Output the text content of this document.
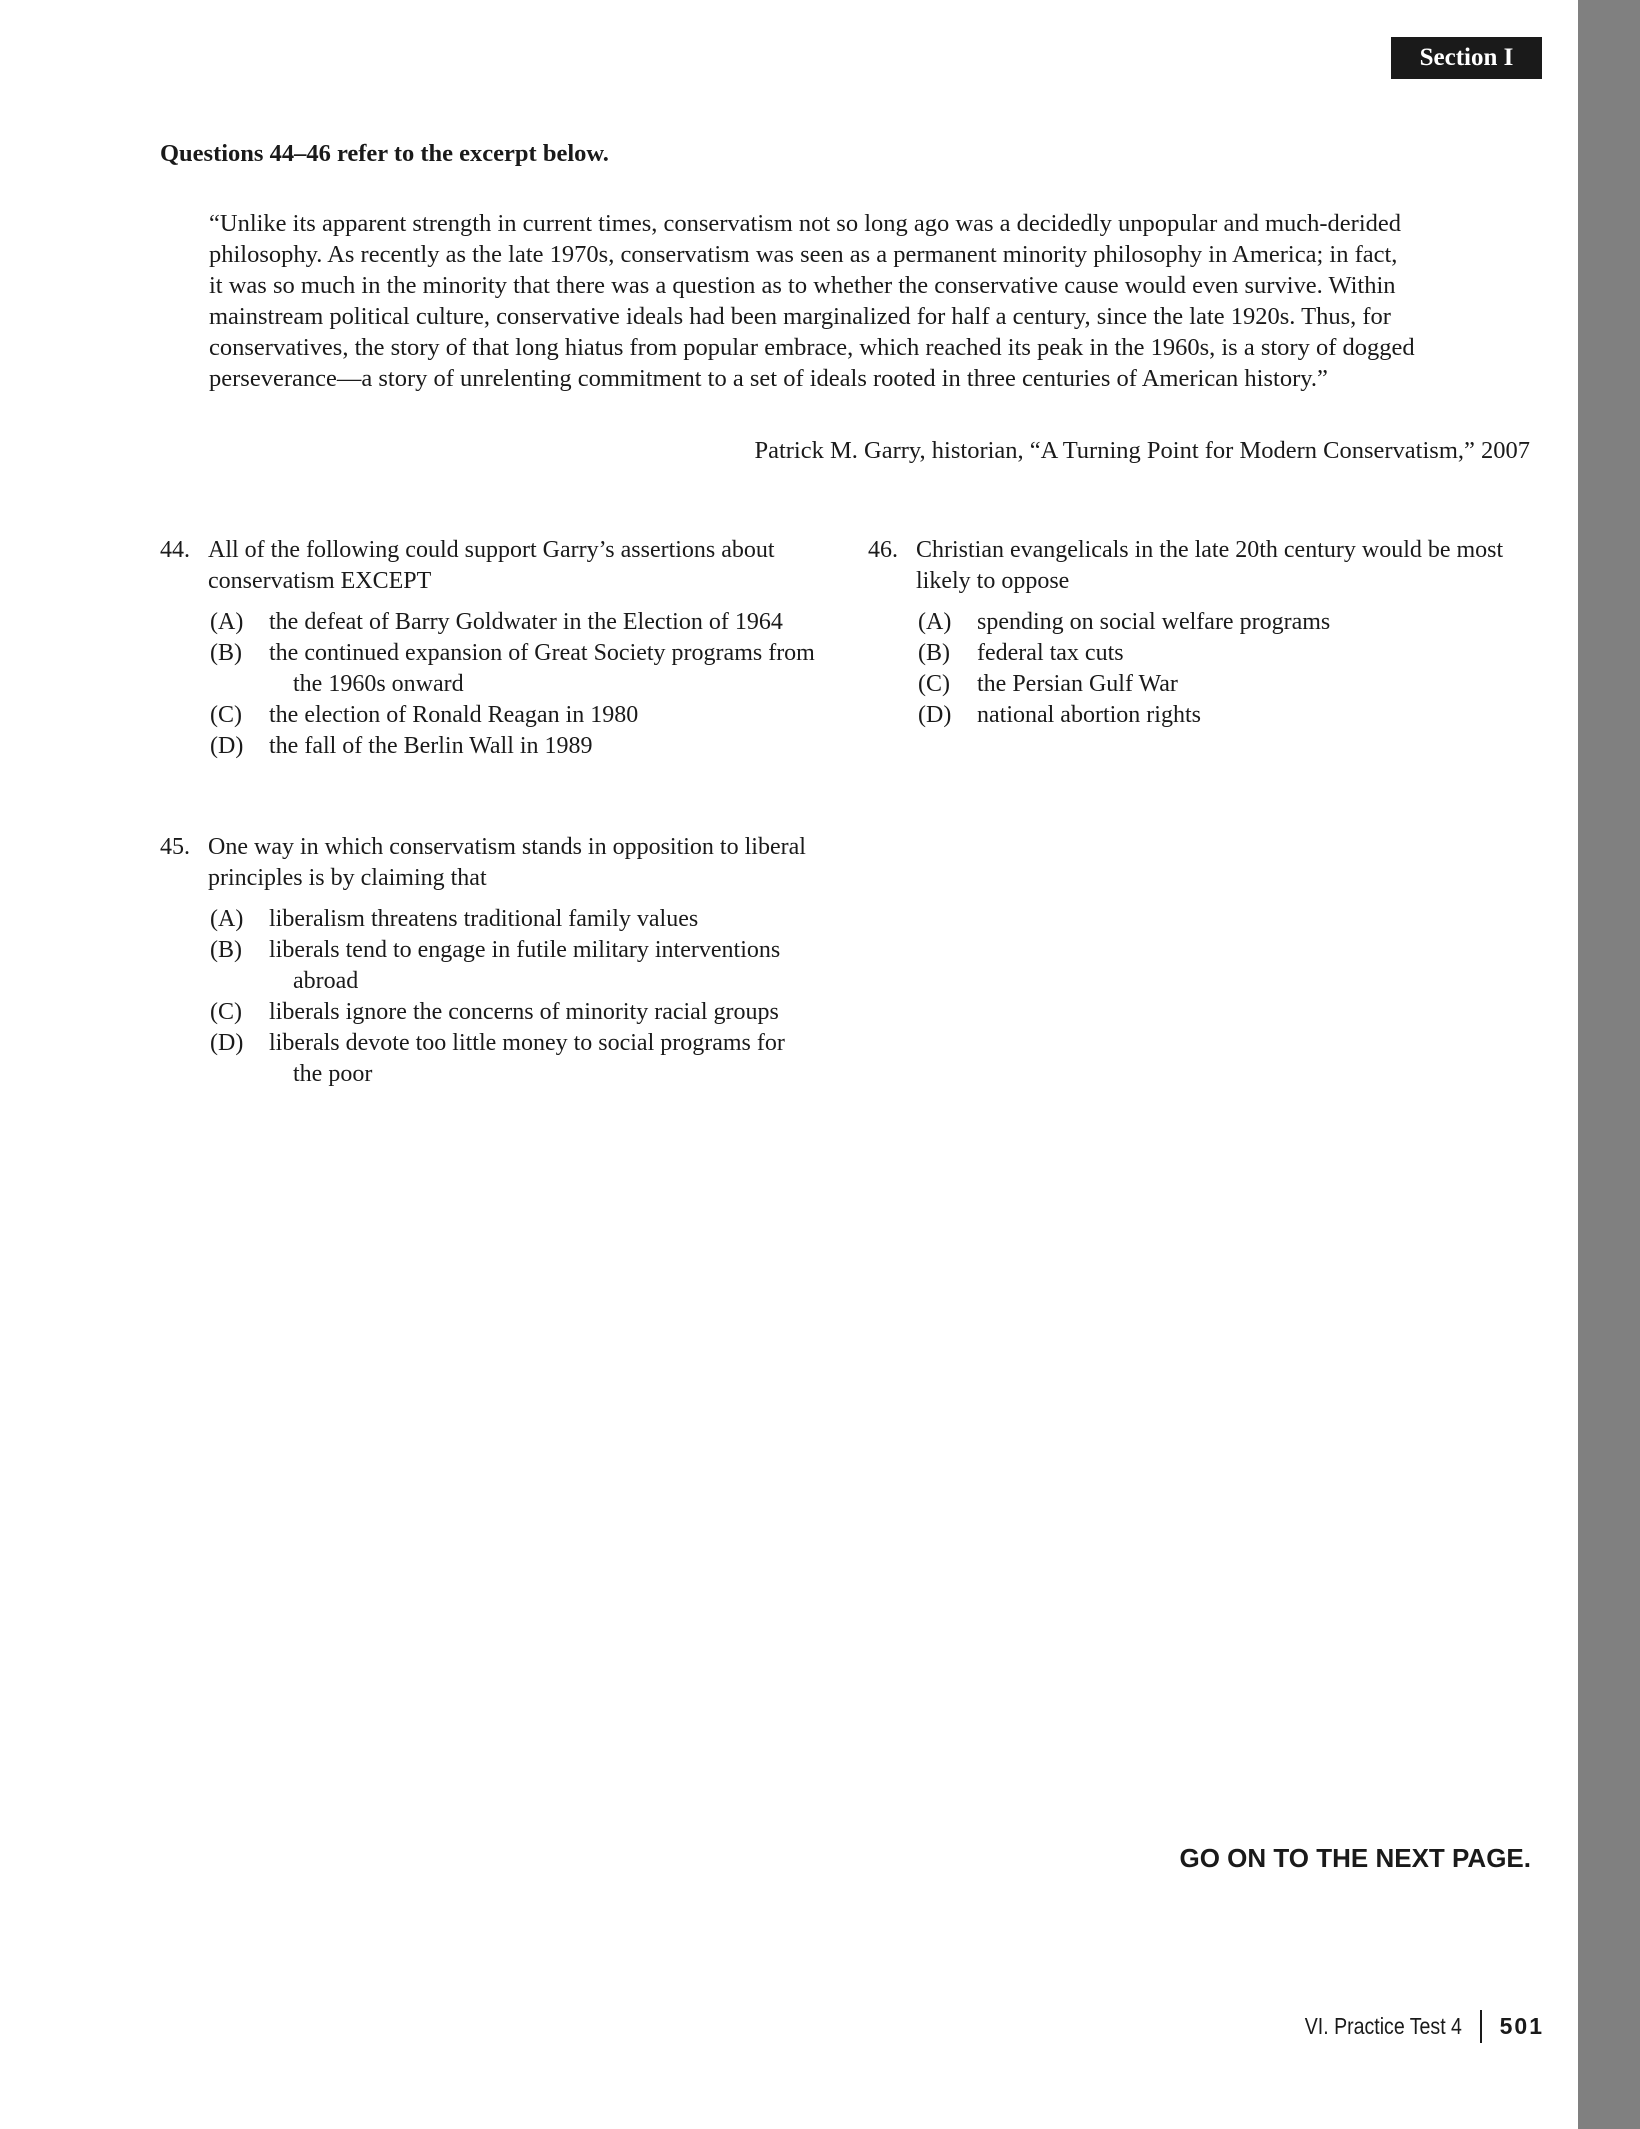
Section I
Questions 44–46 refer to the excerpt below.
“Unlike its apparent strength in current times, conservatism not so long ago was a decidedly unpopular and much-derided
philosophy. As recently as the late 1970s, conservatism was seen as a permanent minority philosophy in America; in fact,
it was so much in the minority that there was a question as to whether the conservative cause would even survive. Within
mainstream political culture, conservative ideals had been marginalized for half a century, since the late 1920s. Thus, for
conservatives, the story of that long hiatus from popular embrace, which reached its peak in the 1960s, is a story of dogged
perseverance—a story of unrelenting commitment to a set of ideals rooted in three centuries of American history.”
Patrick M. Garry, historian, “A Turning Point for Modern Conservatism,” 2007
44. All of the following could support Garry’s assertions about conservatism EXCEPT
(A)	the defeat of Barry Goldwater in the Election of 1964
(B)	the continued expansion of Great Society programs from the 1960s onward
(C)	the election of Ronald Reagan in 1980
(D)	the fall of the Berlin Wall in 1989
45. One way in which conservatism stands in opposition to liberal principles is by claiming that
(A)	liberalism threatens traditional family values
(B)	liberals tend to engage in futile military interventions abroad
(C)	liberals ignore the concerns of minority racial groups
(D)	liberals devote too little money to social programs for the poor
46. Christian evangelicals in the late 20th century would be most likely to oppose
(A)	spending on social welfare programs
(B)	federal tax cuts
(C)	the Persian Gulf War
(D)	national abortion rights
GO ON TO THE NEXT PAGE.
VI. Practice Test 4 501
